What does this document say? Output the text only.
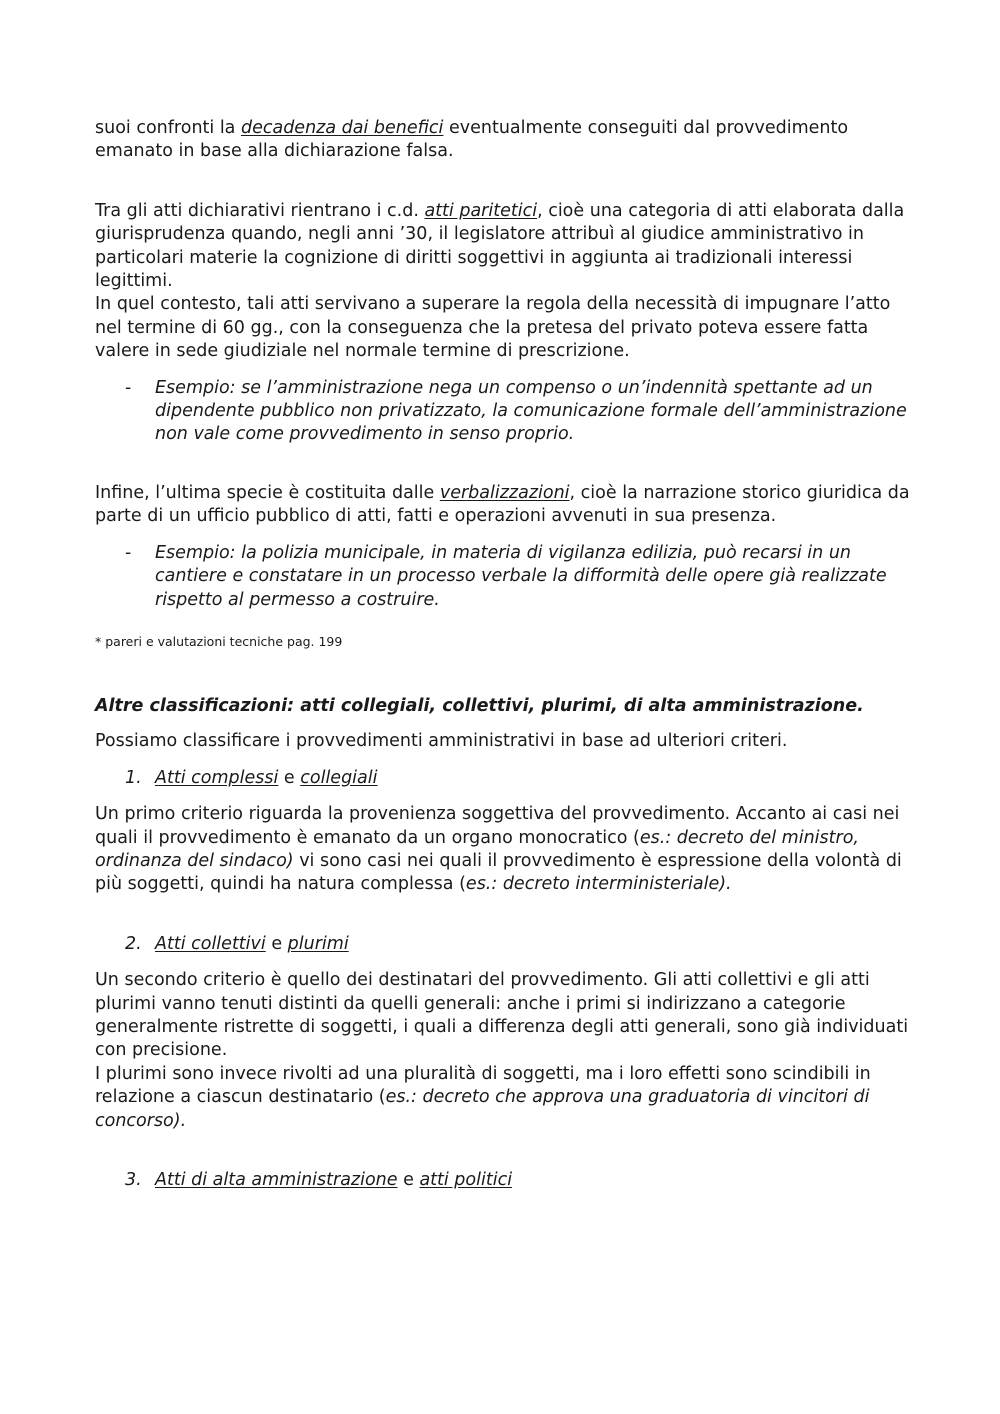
suoi confronti la decadenza dai benefici eventualmente conseguiti dal provvedimento emanato in base alla dichiarazione falsa.

Tra gli atti dichiarativi rientrano i c.d. atti paritetici, cioè una categoria di atti elaborata dalla giurisprudenza quando, negli anni ’30, il legislatore attribuì al giudice amministrativo in particolari materie la cognizione di diritti soggettivi in aggiunta ai tradizionali interessi legittimi.

In quel contesto, tali atti servivano a superare la regola della necessità di impugnare l’atto nel termine di 60 gg., con la conseguenza che la pretesa del privato poteva essere fatta valere in sede giudiziale nel normale termine di prescrizione.

- Esempio: se l’amministrazione nega un compenso o un’indennità spettante ad un dipendente pubblico non privatizzato, la comunicazione formale dell’amministrazione non vale come provvedimento in senso proprio.

Infine, l’ultima specie è costituita dalle verbalizzazioni, cioè la narrazione storico giuridica da parte di un ufficio pubblico di atti, fatti e operazioni avvenuti in sua presenza.

- Esempio: la polizia municipale, in materia di vigilanza edilizia, può recarsi in un cantiere e constatare in un processo verbale la difformità delle opere già realizzate rispetto al permesso a costruire.

* pareri e valutazioni tecniche pag. 199

Altre classificazioni: atti collegiali, collettivi, plurimi, di alta amministrazione.

Possiamo classificare i provvedimenti amministrativi in base ad ulteriori criteri.

1. Atti complessi e collegiali

Un primo criterio riguarda la provenienza soggettiva del provvedimento. Accanto ai casi nei quali il provvedimento è emanato da un organo monocratico (es.: decreto del ministro, ordinanza del sindaco) vi sono casi nei quali il provvedimento è espressione della volontà di più soggetti, quindi ha natura complessa (es.: decreto interministeriale).

2. Atti collettivi e plurimi

Un secondo criterio è quello dei destinatari del provvedimento. Gli atti collettivi e gli atti plurimi vanno tenuti distinti da quelli generali: anche i primi si indirizzano a categorie generalmente ristrette di soggetti, i quali a differenza degli atti generali, sono già individuati con precisione.

I plurimi sono invece rivolti ad una pluralità di soggetti, ma i loro effetti sono scindibili in relazione a ciascun destinatario (es.: decreto che approva una graduatoria di vincitori di concorso).

3. Atti di alta amministrazione e atti politici
